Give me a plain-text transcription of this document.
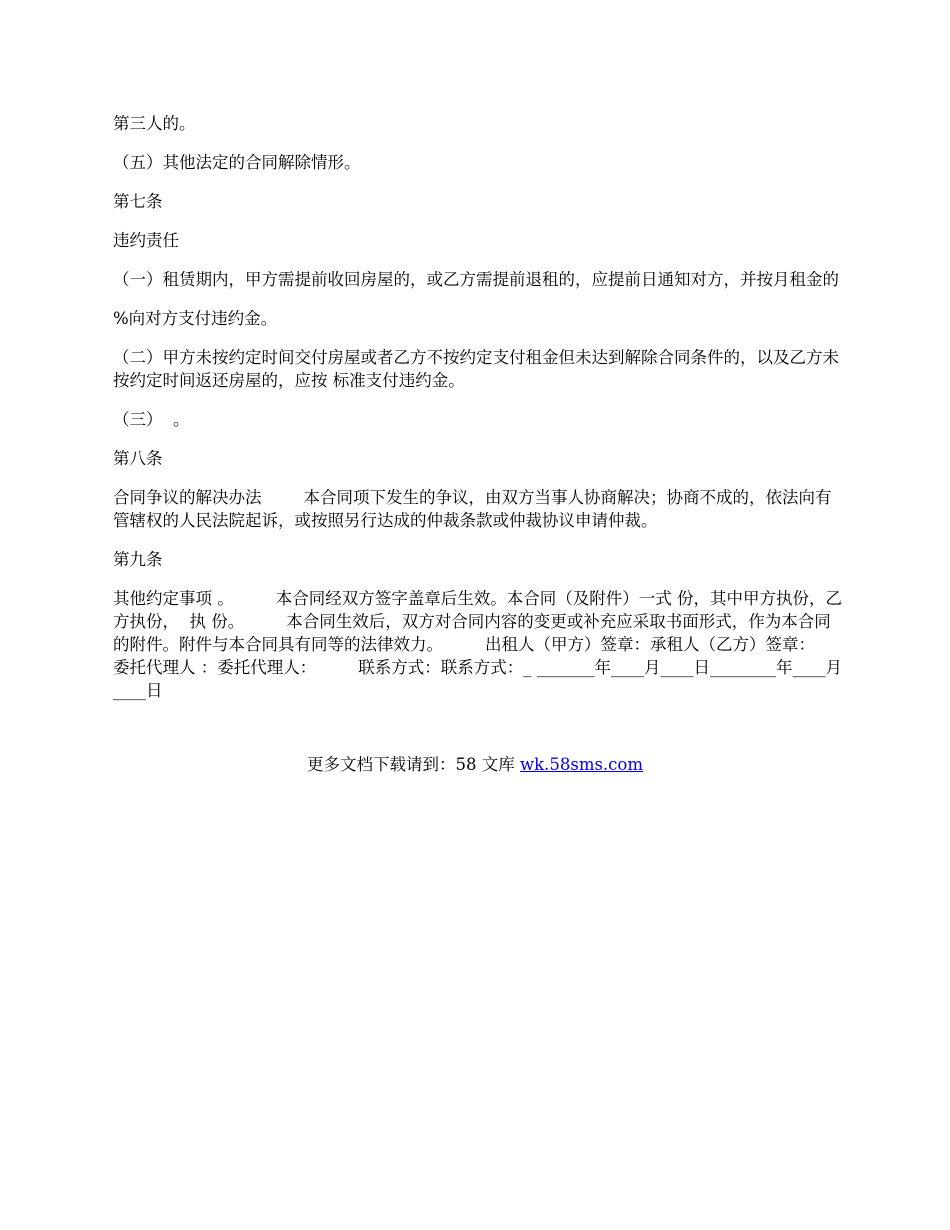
第三人的。

（五）其他法定的合同解除情形。

第七条

违约责任

（一）租赁期内，甲方需提前收回房屋的，或乙方需提前退租的，应提前日通知对方，并按月租金的

%向对方支付违约金。

（二）甲方未按约定时间交付房屋或者乙方不按约定支付租金但未达到解除合同条件的，以及乙方未按约定时间返还房屋的，应按 标准支付违约金。

（三）  。

第八条

合同争议的解决办法        本合同项下发生的争议，由双方当事人协商解决；协商不成的，依法向有管辖权的人民法院起诉，或按照另行达成的仲裁条款或仲裁协议申请仲裁。

第九条

其他约定事项 。        本合同经双方签字盖章后生效。本合同（及附件）一式 份，其中甲方执份，乙方执份，  执 份。        本合同生效后，双方对合同内容的变更或补充应采取书面形式，作为本合同的附件。附件与本合同具有同等的法律效力。        出租人（甲方）签章：承租人（乙方）签章：        委托代理人 ：委托代理人：        联系方式：联系方式：_ _______年____月____日________年____月____日

更多文档下载请到：58 文库 wk.58sms.com
